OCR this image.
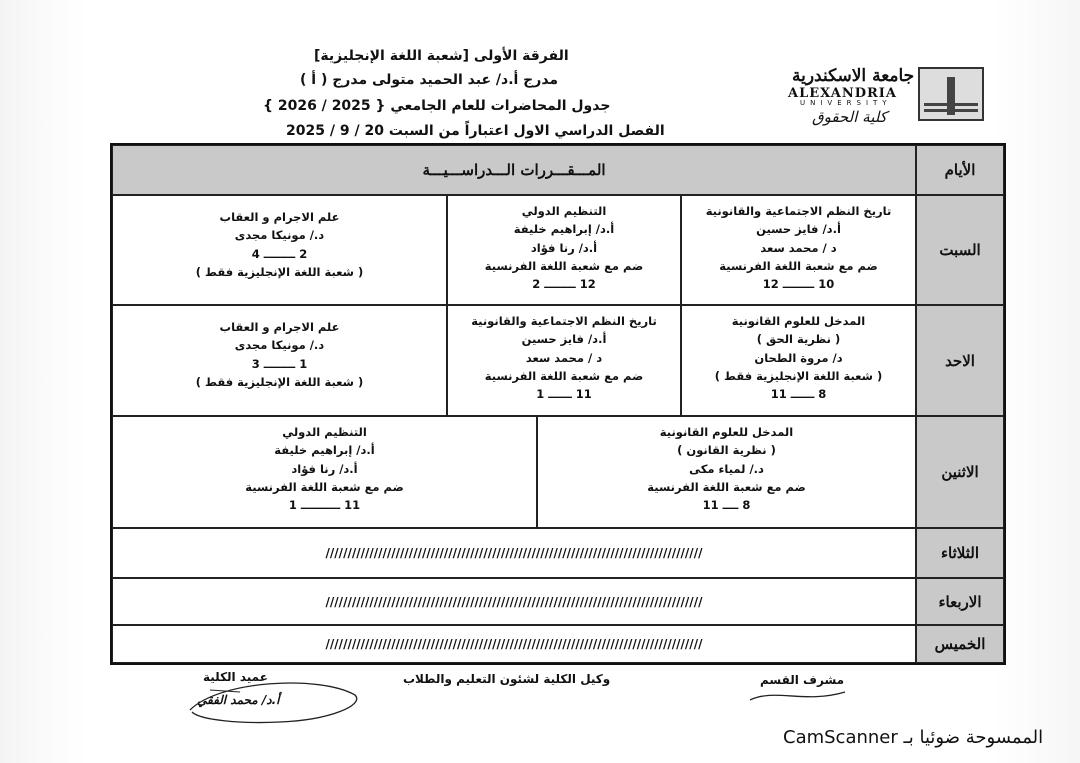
الفرقة الأولى [شعبة اللغة الإنجليزية]
مدرج أ.د/ عبد الحميد متولى مدرج ( أ )
جدول المحاضرات للعام الجامعي { 2025 / 2026 }
الفصل الدراسي الاول اعتباراً من السبت 20 / 9 / 2025
جامعة الاسكندرية
ALEXANDRIA
UNIVERSITY
كلية الحقوق
المـــقـــررات الـــدراســـيـــة	الأيام
السبت
تاريخ النظم الاجتماعية والقانونية
أ.د/ فايز حسين
د / محمد سعد
ضم مع شعبة اللغة الفرنسية
10 ــــــــ 12
التنظيم الدولي
أ.د/ إبراهيم خليفة
أ.د/ رنا فؤاد
ضم مع شعبة اللغة الفرنسية
12 ــــــــ 2
علم الاجرام و العقاب
د./ مونيكا مجدى
2 ــــــــ 4
( شعبة اللغة الإنجليزية فقط )
الاحد
المدخل للعلوم القانونية
( نظرية الحق )
د/ مروة الطحان
( شعبة اللغة الإنجليزية فقط )
8 ــــــ 11
تاريخ النظم الاجتماعية والقانونية
أ.د/ فايز حسين
د / محمد سعد
ضم مع شعبة اللغة الفرنسية
11 ــــــ 1
علم الاجرام و العقاب
د./ مونيكا مجدى
1 ــــــــ 3
( شعبة اللغة الإنجليزية فقط )
الاثنين
المدخل للعلوم القانونية
( نظرية القانون )
د./ لمياء مكى
ضم مع شعبة اللغة الفرنسية
8 ــــ 11
التنظيم الدولي
أ.د/ إبراهيم خليفة
أ.د/ رنا فؤاد
ضم مع شعبة اللغة الفرنسية
11 ــــــــــ 1
الثلاثاء
//////////////////////////////////////////////////////////////////////////////////////
الاربعاء
//////////////////////////////////////////////////////////////////////////////////////
الخميس
//////////////////////////////////////////////////////////////////////////////////////
مشرف القسم
وكيل الكلية لشئون التعليم والطلاب
عميد الكلية
أ.د/ محمد الفقي
الممسوحة ضوئيا بـ CamScanner
